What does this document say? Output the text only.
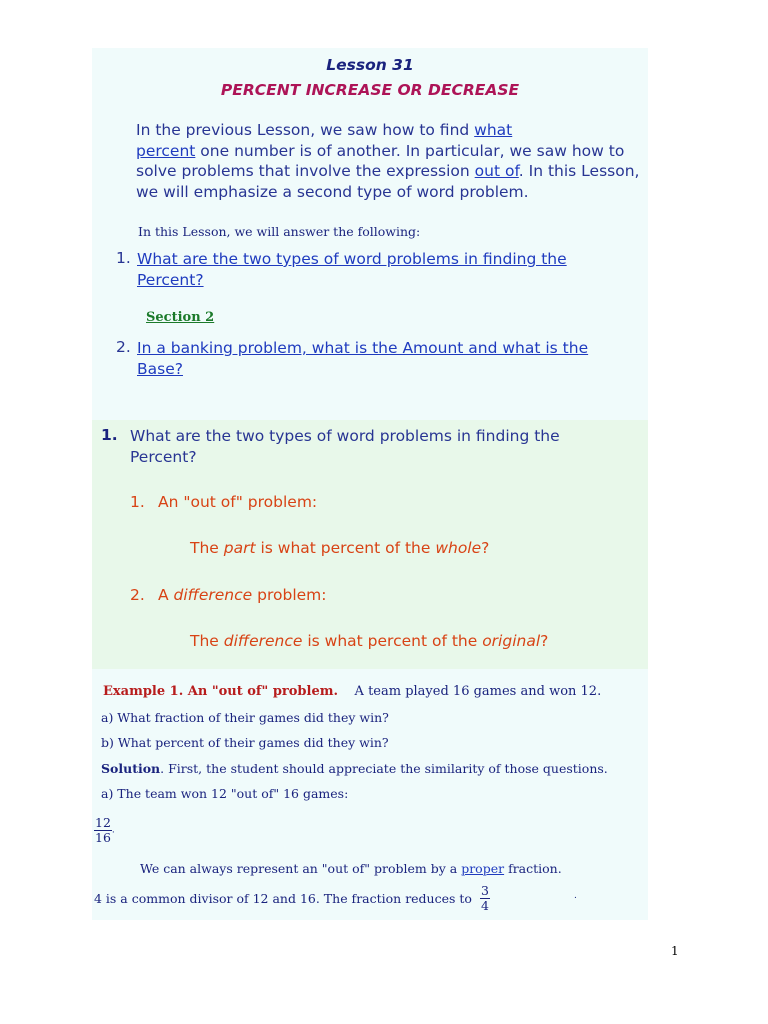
Lesson 31
PERCENT INCREASE OR DECREASE
In the previous Lesson, we saw how to find what
percent one number is of another. In particular, we saw how to solve problems that involve the expression out of. In this Lesson, we will emphasize a second type of word problem.
In this Lesson, we will answer the following:
1. What are the two types of word problems in finding the
Percent?
Section 2
2. In a banking problem, what is the Amount and what is the
Base?
1. What are the two types of word problems in finding the
Percent?
1. An "out of" problem:
The part is what percent of the whole?
2. A difference problem:
The difference is what percent of the original?
Example 1. An "out of" problem. A team played 16 games and won 12.
a) What fraction of their games did they win?
b) What percent of their games did they win?
Solution. First, the student should appreciate the similarity of those questions.
a) The team won 12 "out of" 16 games:
$\frac{12}{16}$ .
We can always represent an "out of" problem by a proper fraction.
4 is a common divisor of 12 and 16. The fraction reduces to $\frac{3}{4}$	.
1
